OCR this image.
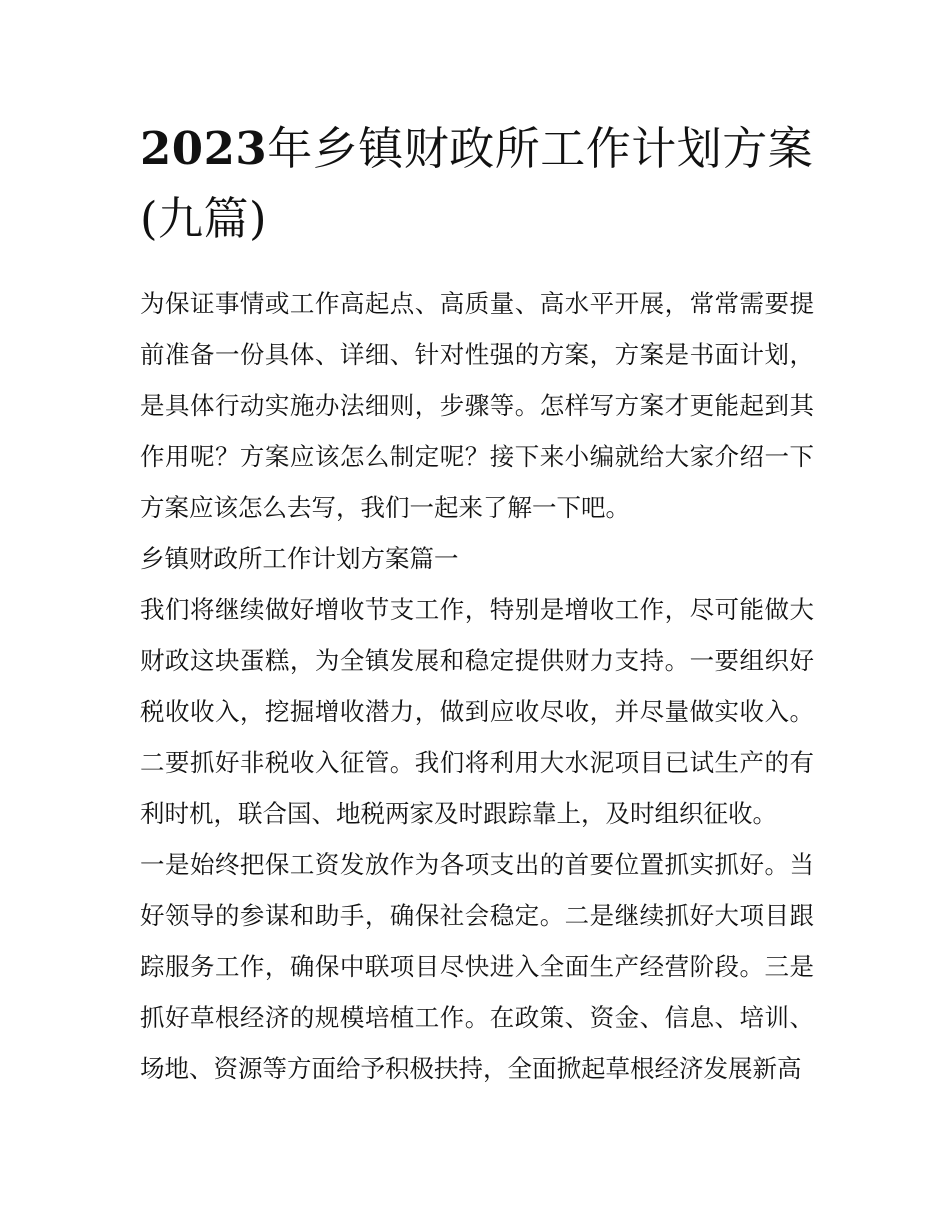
2023年乡镇财政所工作计划方案(九篇)

为保证事情或工作高起点、高质量、高水平开展，常常需要提前准备一份具体、详细、针对性强的方案，方案是书面计划，是具体行动实施办法细则，步骤等。怎样写方案才更能起到其作用呢？方案应该怎么制定呢？接下来小编就给大家介绍一下方案应该怎么去写，我们一起来了解一下吧。

乡镇财政所工作计划方案篇一

我们将继续做好增收节支工作，特别是增收工作，尽可能做大财政这块蛋糕，为全镇发展和稳定提供财力支持。一要组织好税收收入，挖掘增收潜力，做到应收尽收，并尽量做实收入。二要抓好非税收入征管。我们将利用大水泥项目已试生产的有利时机，联合国、地税两家及时跟踪靠上，及时组织征收。

一是始终把保工资发放作为各项支出的首要位置抓实抓好。当好领导的参谋和助手，确保社会稳定。二是继续抓好大项目跟踪服务工作，确保中联项目尽快进入全面生产经营阶段。三是抓好草根经济的规模培植工作。在政策、资金、信息、培训、场地、资源等方面给予积极扶持，全面掀起草根经济发展新高
